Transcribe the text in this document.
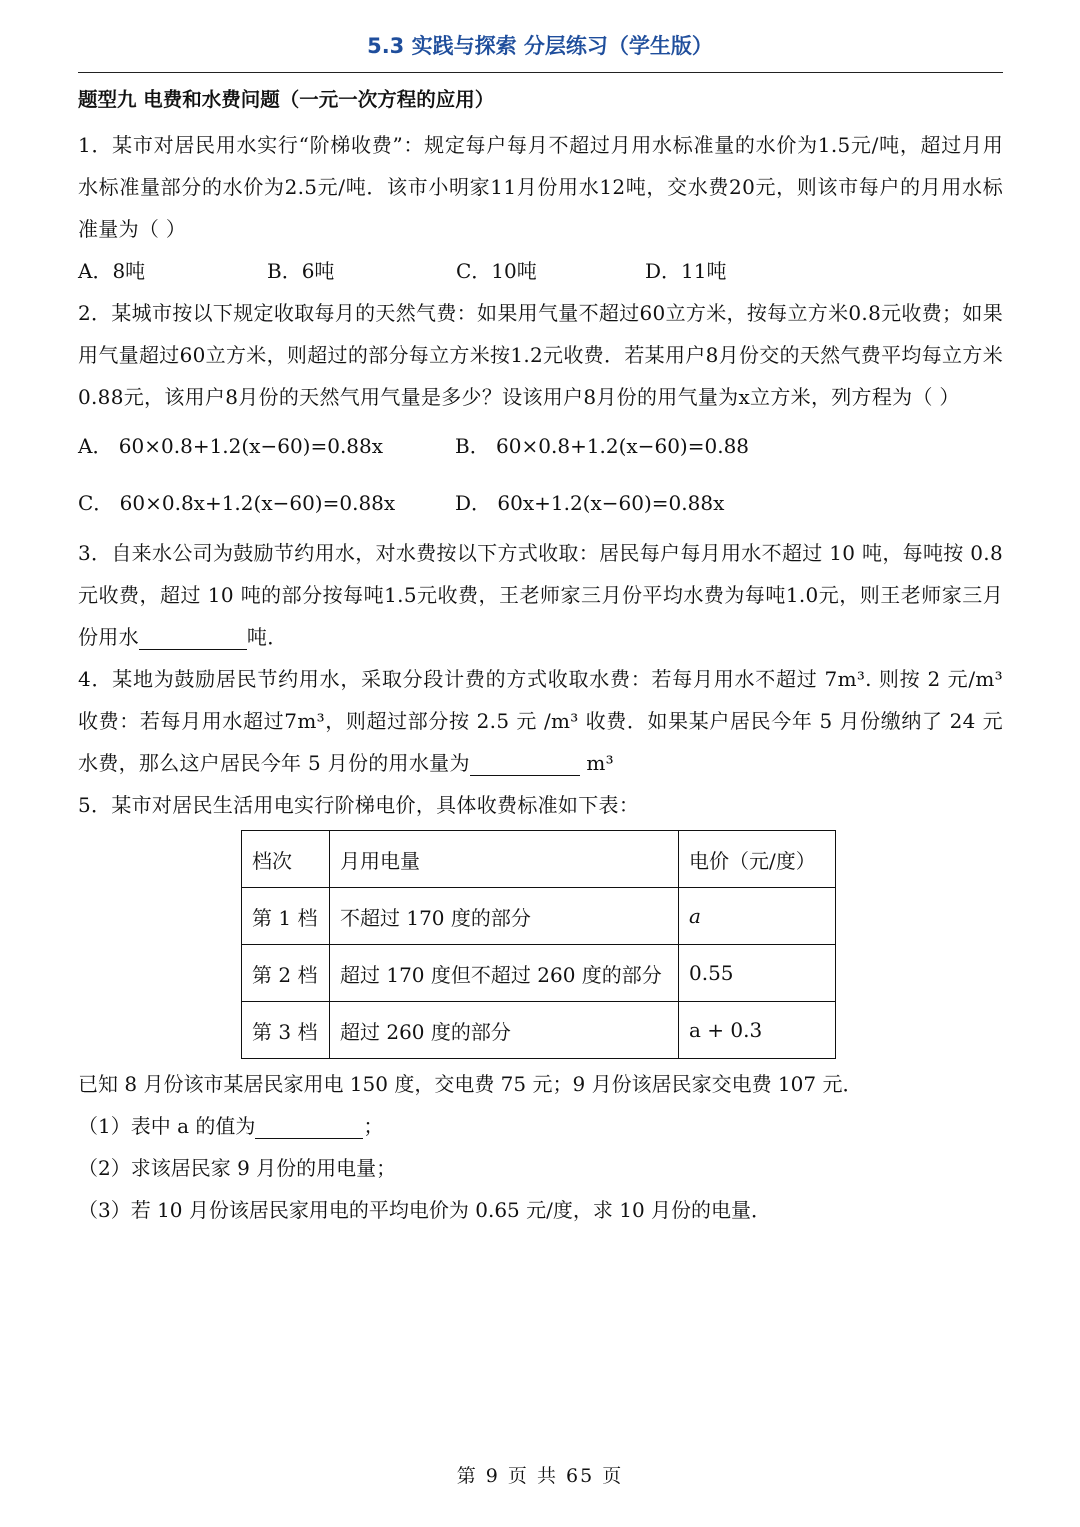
5.3 实践与探索 分层练习（学生版）
题型九 电费和水费问题（一元一次方程的应用）
1．某市对居民用水实行“阶梯收费”：规定每户每月不超过月用水标准量的水价为1.5元/吨，超过月用水标准量部分的水价为2.5元/吨．该市小明家11月份用水12吨，交水费20元，则该市每户的月用水标准量为（ ）
A．8吨	B．6吨	C．10吨	D．11吨
2．某城市按以下规定收取每月的天然气费：如果用气量不超过60立方米，按每立方米0.8元收费；如果用气量超过60立方米，则超过的部分每立方米按1.2元收费．若某用户8月份交的天然气费平均每立方米0.88元，该用户8月份的天然气用气量是多少？设该用户8月份的用气量为x立方米，列方程为（ ）
A． 60×0.8+1.2(x−60)=0.88x	B． 60×0.8+1.2(x−60)=0.88
C． 60×0.8x+1.2(x−60)=0.88x	D． 60x+1.2(x−60)=0.88x
3．自来水公司为鼓励节约用水，对水费按以下方式收取：居民每户每月用水不超过 10 吨，每吨按 0.8 元收费，超过 10 吨的部分按每吨1.5元收费，王老师家三月份平均水费为每吨1.0元，则王老师家三月份用水	吨．
4．某地为鼓励居民节约用水，采取分段计费的方式收取水费：若每月用水不超过 7m³. 则按 2 元/m³ 收费：若每月用水超过7m³，则超过部分按 2.5 元 /m³ 收费．如果某户居民今年 5 月份缴纳了 24 元水费，那么这户居民今年 5 月份的用水量为	m³
5．某市对居民生活用电实行阶梯电价，具体收费标准如下表：
档次	月用电量	电价（元/度）
第 1 档	不超过 170 度的部分	a
第 2 档	超过 170 度但不超过 260 度的部分	0.55
第 3 档	超过 260 度的部分	a + 0.3
已知 8 月份该市某居民家用电 150 度，交电费 75 元；9 月份该居民家交电费 107 元．
（1）表中 a 的值为	；
（2）求该居民家 9 月份的用电量；
（3）若 10 月份该居民家用电的平均电价为 0.65 元/度，求 10 月份的电量．
第 9 页 共 65 页
